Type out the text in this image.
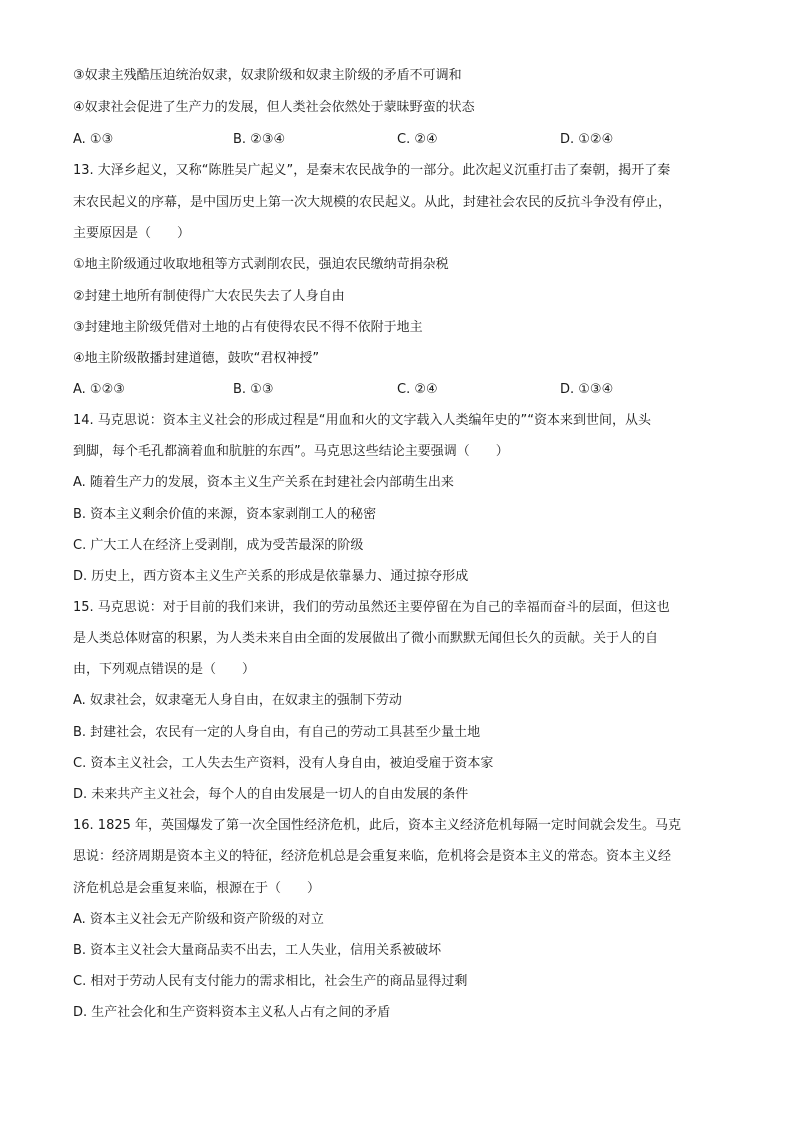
③奴隶主残酷压迫统治奴隶，奴隶阶级和奴隶主阶级的矛盾不可调和
④奴隶社会促进了生产力的发展，但人类社会依然处于蒙昧野蛮的状态
A. ①③	B. ②③④	C. ②④	D. ①②④
13. 大泽乡起义，又称“陈胜吴广起义”，是秦末农民战争的一部分。此次起义沉重打击了秦朝，揭开了秦
末农民起义的序幕，是中国历史上第一次大规模的农民起义。从此，封建社会农民的反抗斗争没有停止，
主要原因是（　　）
①地主阶级通过收取地租等方式剥削农民，强迫农民缴纳苛捐杂税
②封建土地所有制使得广大农民失去了人身自由
③封建地主阶级凭借对土地的占有使得农民不得不依附于地主
④地主阶级散播封建道德，鼓吹“君权神授”
A. ①②③	B. ①③	C. ②④	D. ①③④
14. 马克思说：资本主义社会的形成过程是“用血和火的文字载入人类编年史的”“资本来到世间，从头
到脚，每个毛孔都滴着血和肮脏的东西”。马克思这些结论主要强调（　　）
A. 随着生产力的发展，资本主义生产关系在封建社会内部萌生出来
B. 资本主义剩余价值的来源，资本家剥削工人的秘密
C. 广大工人在经济上受剥削，成为受苦最深的阶级
D. 历史上，西方资本主义生产关系的形成是依靠暴力、通过掠夺形成
15. 马克思说：对于目前的我们来讲，我们的劳动虽然还主要停留在为自己的幸福而奋斗的层面，但这也
是人类总体财富的积累，为人类未来自由全面的发展做出了微小而默默无闻但长久的贡献。关于人的自
由，下列观点错误的是（　　）
A. 奴隶社会，奴隶毫无人身自由，在奴隶主的强制下劳动
B. 封建社会，农民有一定的人身自由，有自己的劳动工具甚至少量土地
C. 资本主义社会，工人失去生产资料，没有人身自由，被迫受雇于资本家
D. 未来共产主义社会，每个人的自由发展是一切人的自由发展的条件
16. 1825 年，英国爆发了第一次全国性经济危机，此后，资本主义经济危机每隔一定时间就会发生。马克
思说：经济周期是资本主义的特征，经济危机总是会重复来临，危机将会是资本主义的常态。资本主义经
济危机总是会重复来临，根源在于（　　）
A. 资本主义社会无产阶级和资产阶级的对立
B. 资本主义社会大量商品卖不出去，工人失业，信用关系被破坏
C. 相对于劳动人民有支付能力的需求相比，社会生产的商品显得过剩
D. 生产社会化和生产资料资本主义私人占有之间的矛盾
